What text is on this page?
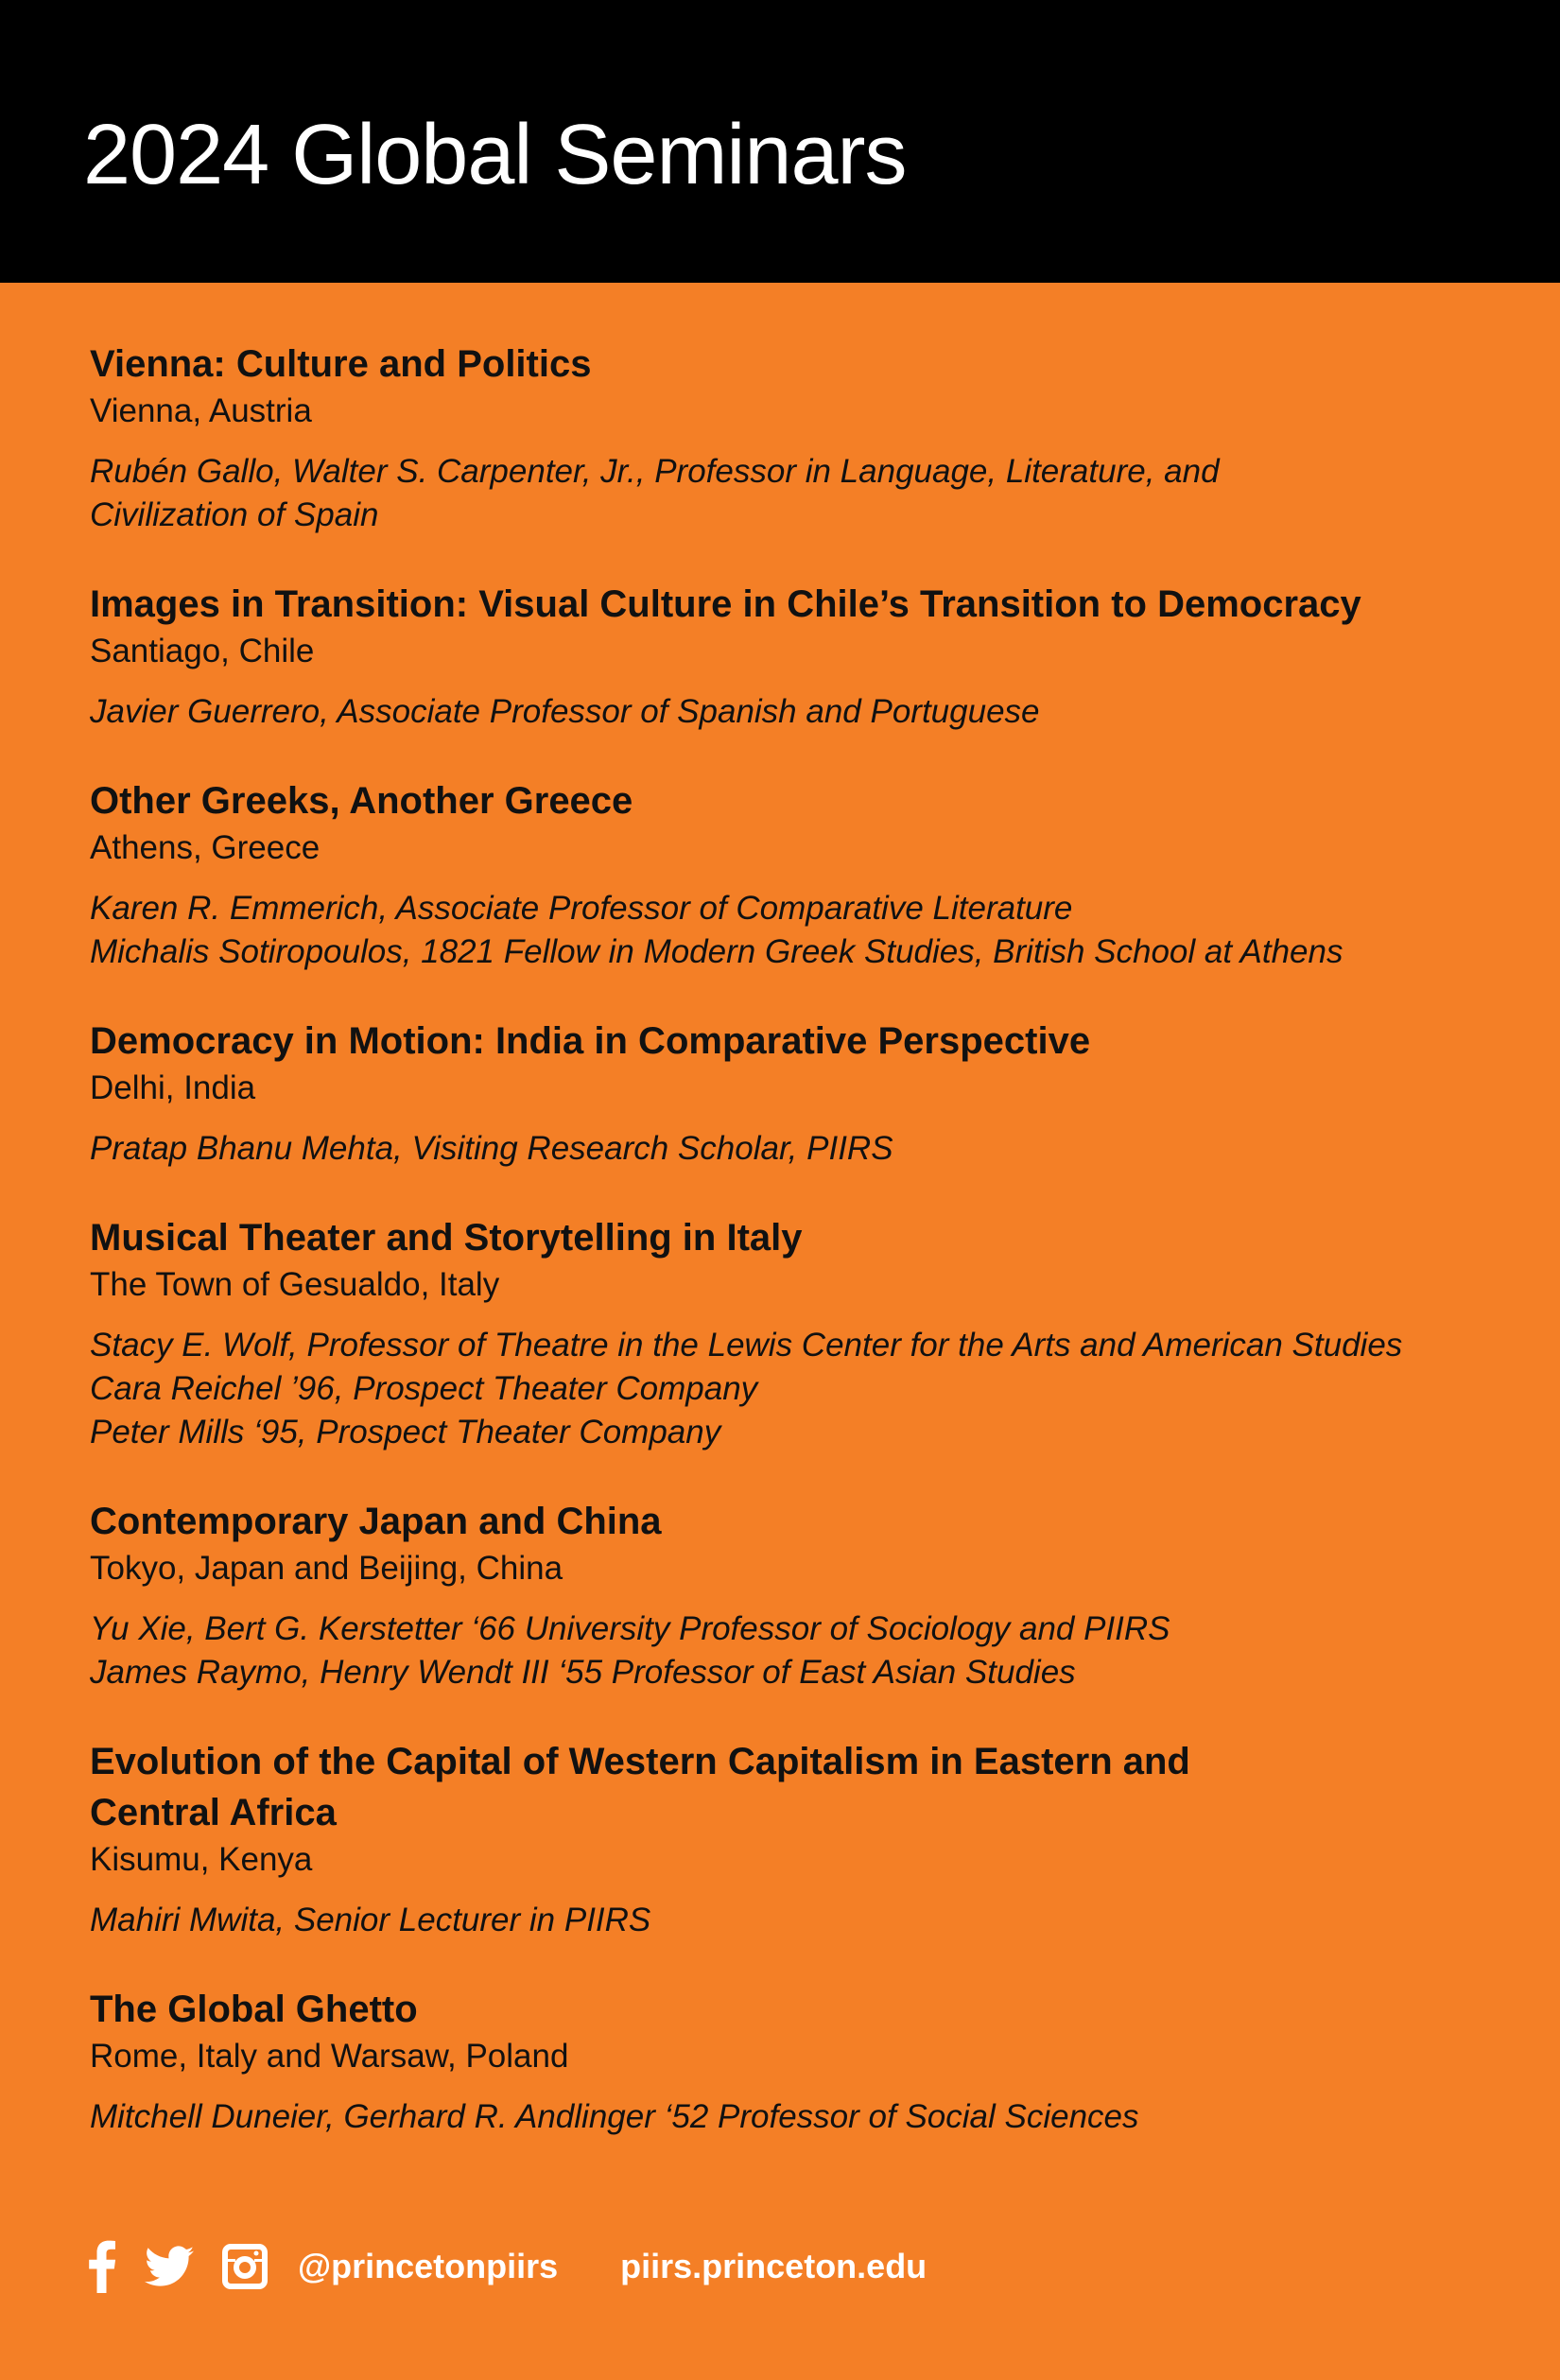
2024 Global Seminars

Vienna: Culture and Politics

Vienna, Austria

Rubén Gallo, Walter S. Carpenter, Jr., Professor in Language, Literature, and Civilization of Spain

Images in Transition: Visual Culture in Chile’s Transition to Democracy

Santiago, Chile

Javier Guerrero, Associate Professor of Spanish and Portuguese

Other Greeks, Another Greece

Athens, Greece

Karen R. Emmerich, Associate Professor of Comparative Literature

Michalis Sotiropoulos, 1821 Fellow in Modern Greek Studies, British School at Athens

Democracy in Motion: India in Comparative Perspective

Delhi, India

Pratap Bhanu Mehta, Visiting Research Scholar, PIIRS

Musical Theater and Storytelling in Italy

The Town of Gesualdo, Italy

Stacy E. Wolf, Professor of Theatre in the Lewis Center for the Arts and American Studies

Cara Reichel ’96, Prospect Theater Company

Peter Mills ‘95, Prospect Theater Company

Contemporary Japan and China

Tokyo, Japan and Beijing, China

Yu Xie, Bert G. Kerstetter ‘66 University Professor of Sociology and PIIRS

James Raymo, Henry Wendt III ‘55 Professor of East Asian Studies

Evolution of the Capital of Western Capitalism in Eastern and Central Africa

Kisumu, Kenya

Mahiri Mwita, Senior Lecturer in PIIRS

The Global Ghetto

Rome, Italy and Warsaw, Poland

Mitchell Duneier, Gerhard R. Andlinger ‘52 Professor of Social Sciences

@princetonpiirs piirs.princeton.edu
